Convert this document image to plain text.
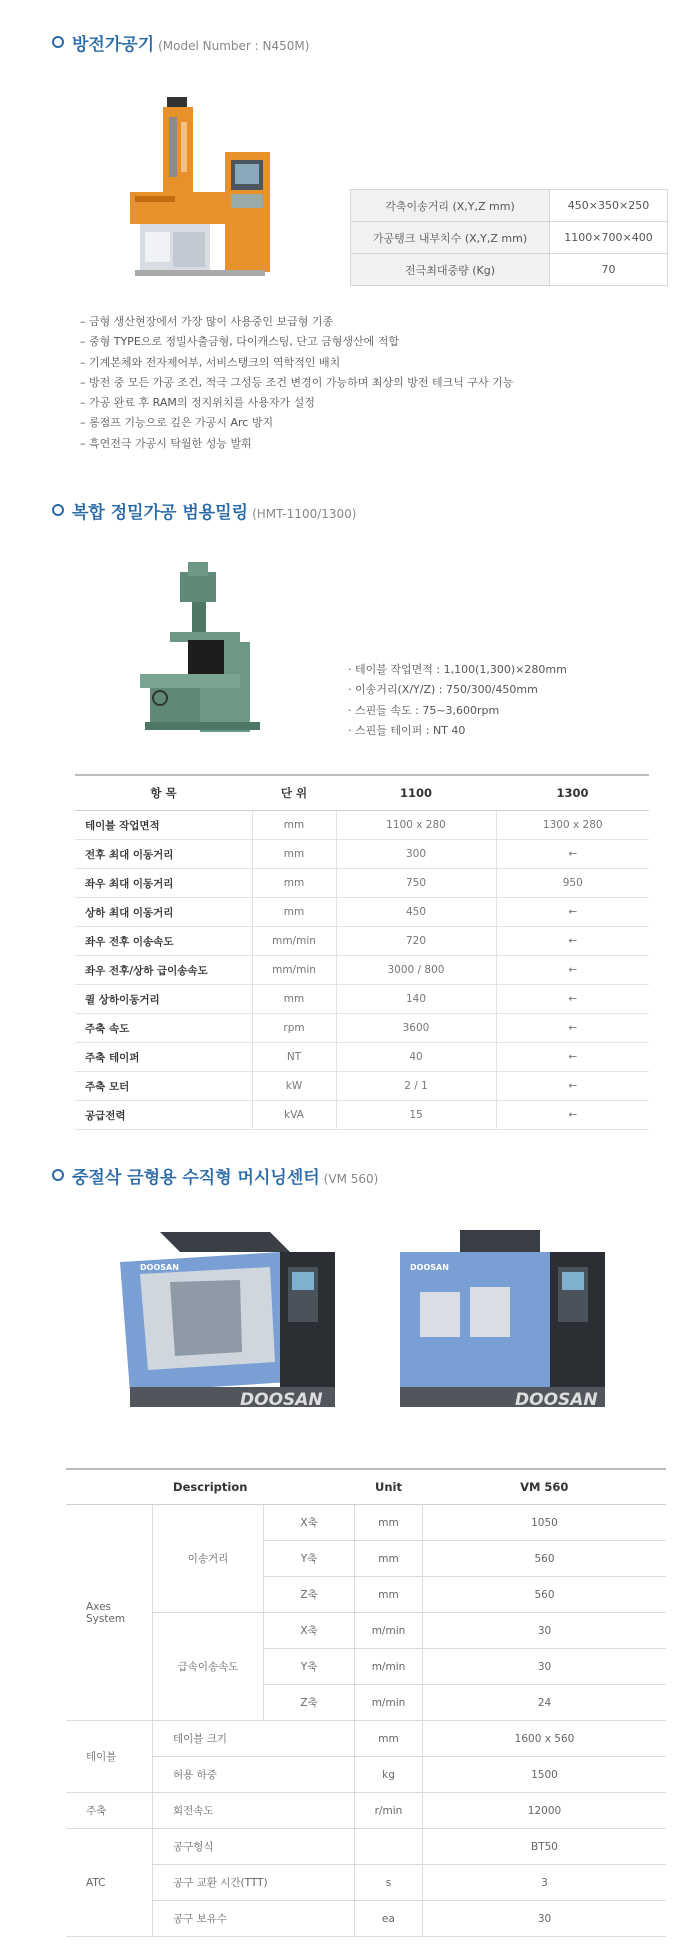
방전가공기 (Model Number : N450M)
각축이송거리 (X,Y,Z mm)	450×350×250
가공탱크 내부치수 (X,Y,Z mm)	1100×700×400
전극최대중량 (Kg)	70
– 금형 생산현장에서 가장 많이 사용중인 보급형 기종
– 중형 TYPE으로 정밀사출금형, 다이캐스팅, 단고 금형생산에 적합
– 기계본체와 전자제어부, 서비스탱크의 역학적인 배치
– 방전 중 모든 가공 조건, 적극 그성등 조건 변경이 가능하며 최상의 방전 테크닉 구사 기능
– 가공 완료 후 RAM의 정지위치를 사용자가 설정
– 롱점프 기능으로 깊은 가공시 Arc 방지
– 흑연전극 가공시 탁월한 성능 발휘
복합 정밀가공 범용밀링 (HMT-1100/1300)
· 테이블 작업면적 : 1,100(1,300)×280mm
· 이송거리(X/Y/Z) : 750/300/450mm
· 스핀들 속도 : 75~3,600rpm
· 스핀들 테이퍼 : NT 40
항 목	단 위	1100	1300
테이블 작업면적	mm	1100 x 280	1300 x 280
전후 최대 이동거리	mm	300	←
좌우 최대 이동거리	mm	750	950
상하 최대 이동거리	mm	450	←
좌우 전후 이송속도	mm/min	720	←
좌우 전후/상하 급이송속도	mm/min	3000 / 800	←
퀼 상하이동거리	mm	140	←
주축 속도	rpm	3600	←
주축 테이퍼	NT	40	←
주축 모터	kW	2 / 1	←
공급전력	kVA	15	←
중절삭 금형용 수직형 머시닝센터 (VM 560)
DOOSAN
DOOSAN
DOOSAN
DOOSAN
Description			Unit	VM 560
Axes
System	이송거리	X축	mm	1050
		Y축	mm	560
		Z축	mm	560
	급속이송속도	X축	m/min	30
		Y축	m/min	30
		Z축	m/min	24
테이블	테이블 크기		mm	1600 x 560
	허용 하중		kg	1500
주축	회전속도		r/min	12000
ATC	공구형식			BT50
	공구 교환 시간(TTT)		s	3
	공구 보유수		ea	30
